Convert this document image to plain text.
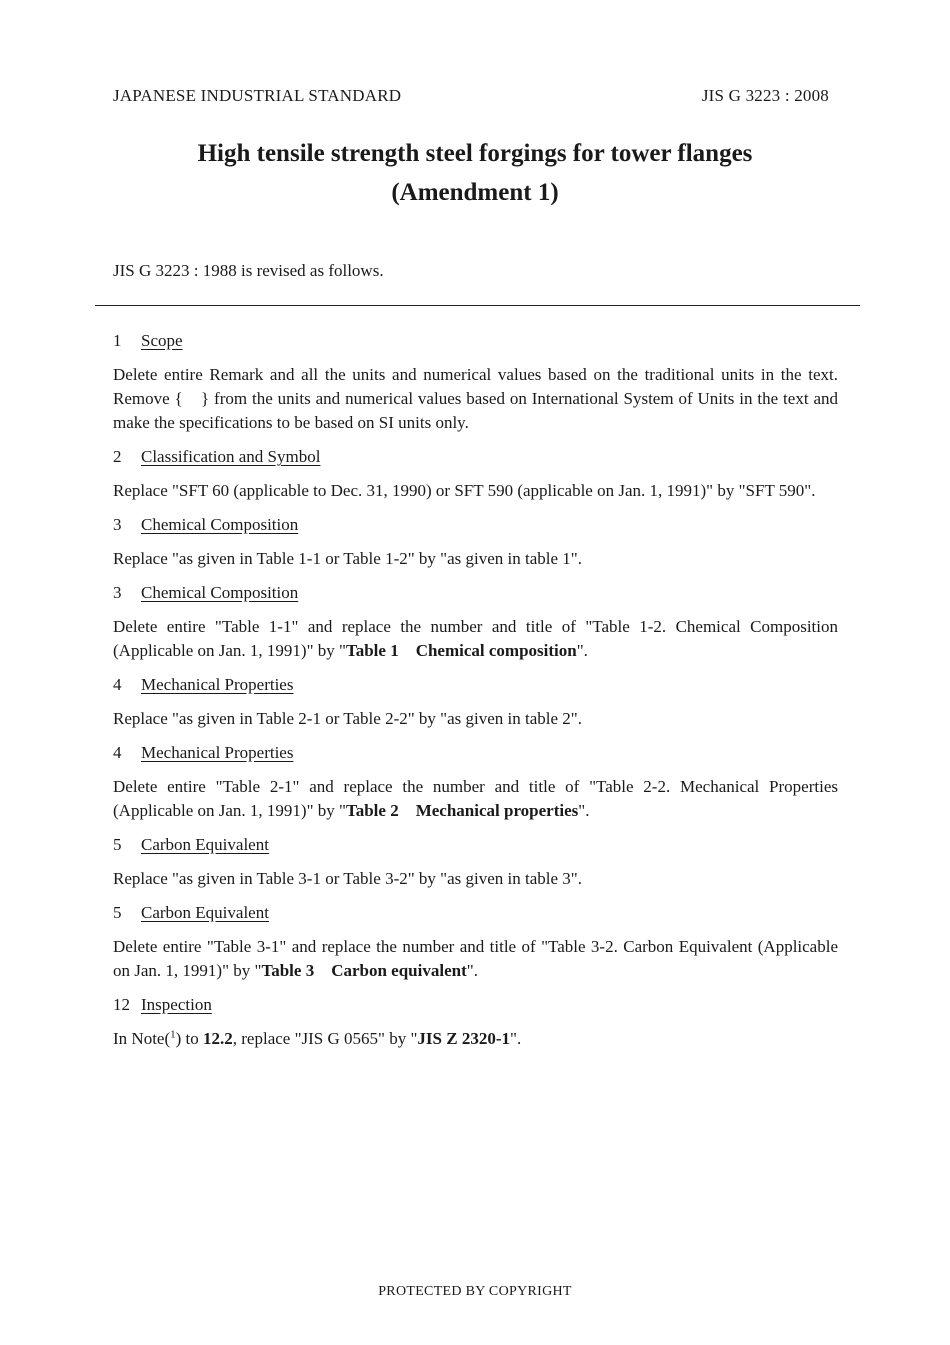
JAPANESE INDUSTRIAL STANDARD	JIS G 3223 : 2008
High tensile strength steel forgings for tower flanges
(Amendment 1)
JIS G 3223 : 1988 is revised as follows.

1 Scope

Delete entire Remark and all the units and numerical values based on the traditional units in the text. Remove {　} from the units and numerical values based on International System of Units in the text and make the specifications to be based on SI units only.

2 Classification and Symbol

Replace "SFT 60 (applicable to Dec. 31, 1990) or SFT 590 (applicable on Jan. 1, 1991)" by "SFT 590".

3 Chemical Composition

Replace "as given in Table 1-1 or Table 1-2" by "as given in table 1".

3 Chemical Composition

Delete entire "Table 1-1" and replace the number and title of "Table 1-2. Chemical Composition (Applicable on Jan. 1, 1991)" by "Table 1　Chemical composition".

4 Mechanical Properties

Replace "as given in Table 2-1 or Table 2-2" by "as given in table 2".

4 Mechanical Properties

Delete entire "Table 2-1" and replace the number and title of "Table 2-2. Mechanical Properties (Applicable on Jan. 1, 1991)" by "Table 2　Mechanical properties".

5 Carbon Equivalent

Replace "as given in Table 3-1 or Table 3-2" by "as given in table 3".

5 Carbon Equivalent

Delete entire "Table 3-1" and replace the number and title of "Table 3-2. Carbon Equivalent (Applicable on Jan. 1, 1991)" by "Table 3　Carbon equivalent".

12 Inspection

In Note($^1$) to 12.2, replace "JIS G 0565" by "JIS Z 2320-1".

PROTECTED BY COPYRIGHT
